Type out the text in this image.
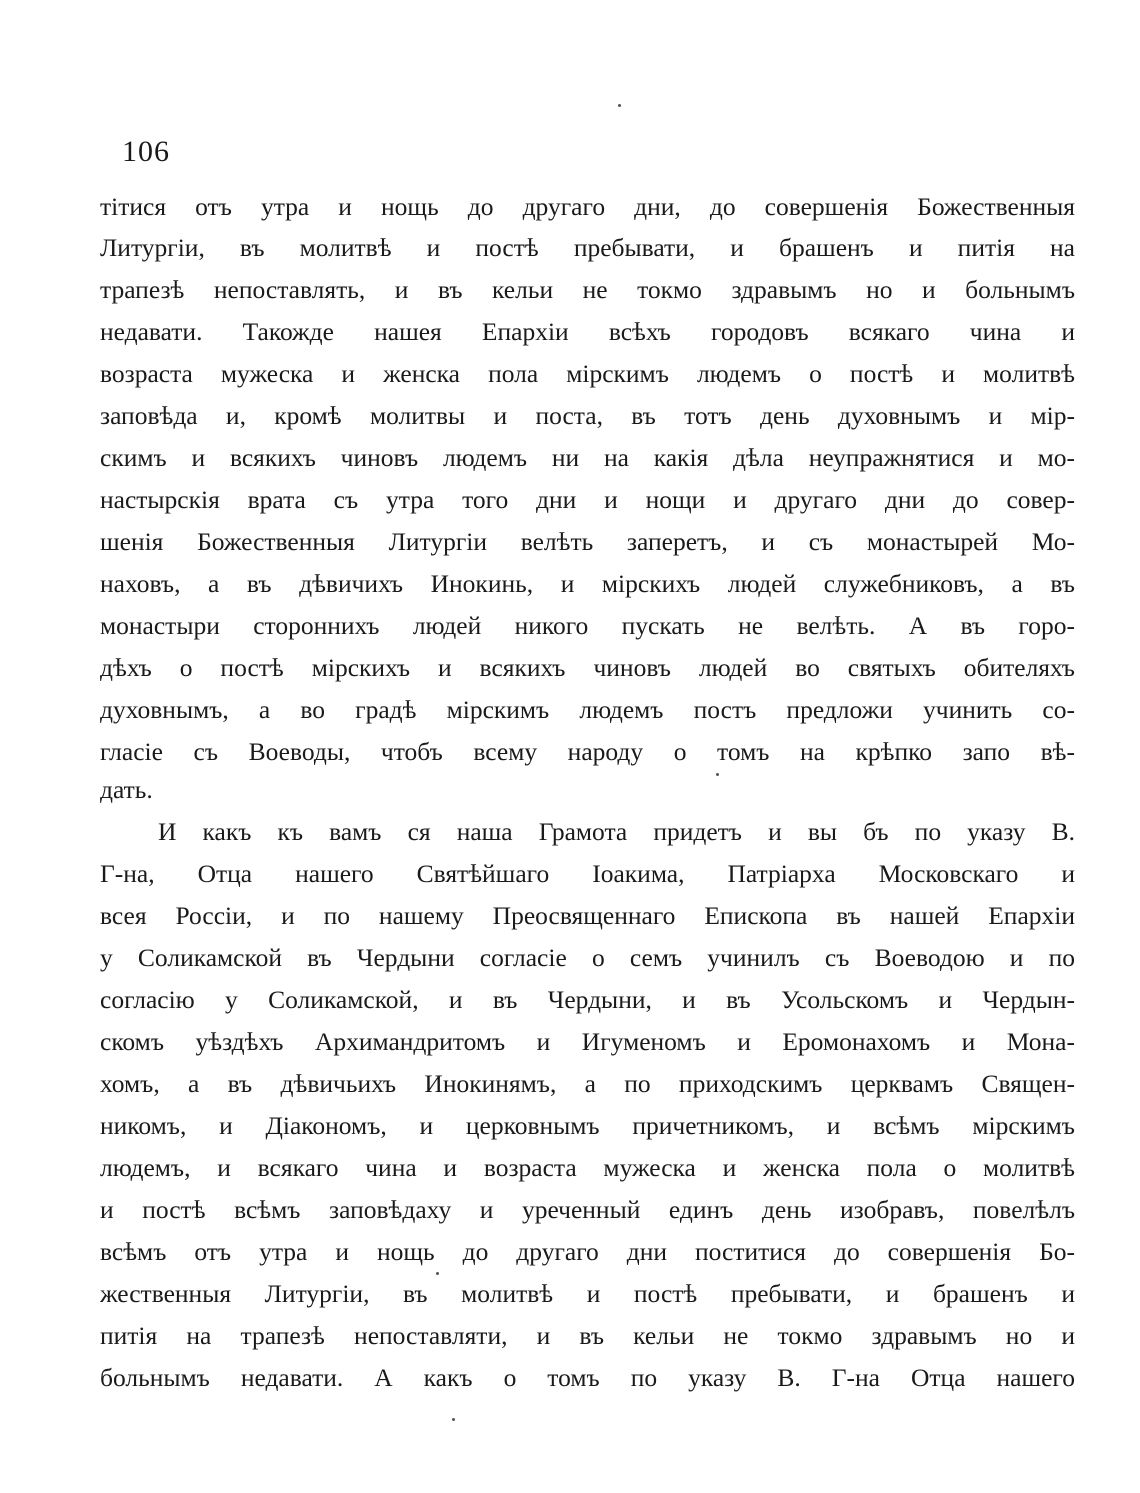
106
тітися отъ утра и нощь до другаго дни, до совершенія Божественныя
Литургіи, въ молитвѣ и постѣ пребывати, и брашенъ и питія на
трапезѣ непоставлять, и въ кельи не токмо здравымъ но и больнымъ
недавати. Такожде нашея Епархіи всѣхъ городовъ всякаго чина и
возраста мужеска и женска пола мірскимъ людемъ о постѣ и молитвѣ
заповѣда и, кромѣ молитвы и поста, въ тотъ день духовнымъ и мір-
скимъ и всякихъ чиновъ людемъ ни на какія дѣла неупражнятися и мо-
настырскія врата съ утра того дни и нощи и другаго дни до совер-
шенія Божественныя Литургіи велѣть заперетъ, и съ монастырей Мо-
наховъ, а въ дѣвичихъ Инокинь, и мірскихъ людей служебниковъ, а въ
монастыри стороннихъ людей никого пускать не велѣть. А въ горо-
дѣхъ о постѣ мірскихъ и всякихъ чиновъ людей во святыхъ обителяхъ
духовнымъ, а во градѣ мірскимъ людемъ постъ предложи учинить со-
гласіе съ Воеводы, чтобъ всему народу о томъ на крѣпко запо вѣ-
дать.
И какъ къ вамъ ся наша Грамота придетъ и вы бъ по указу В.
Г-на, Отца нашего Святѣйшаго Іоакима, Патріарха Московскаго и
всея Россіи, и по нашему Преосвященнаго Епископа въ нашей Епархіи
у Соликамской въ Чердыни согласіе о семъ учинилъ съ Воеводою и по
согласію у Соликамской, и въ Чердыни, и въ Усольскомъ и Чердын-
скомъ уѣздѣхъ Архимандритомъ и Игуменомъ и Еромонахомъ и Мона-
хомъ, а въ дѣвичьихъ Инокинямъ, а по приходскимъ церквамъ Священ-
никомъ, и Діакономъ, и церковнымъ причетникомъ, и всѣмъ мірскимъ
людемъ, и всякаго чина и возраста мужеска и женска пола о молитвѣ
и постѣ всѣмъ заповѣдаху и уреченный единъ день изобравъ, повелѣлъ
всѣмъ отъ утра и нощь до другаго дни поститися до совершенія Бо-
жественныя Литургіи, въ молитвѣ и постѣ пребывати, и брашенъ и
питія на трапезѣ непоставляти, и въ кельи не токмо здравымъ но и
больнымъ недавати. А какъ о томъ по указу В. Г-на Отца нашего
